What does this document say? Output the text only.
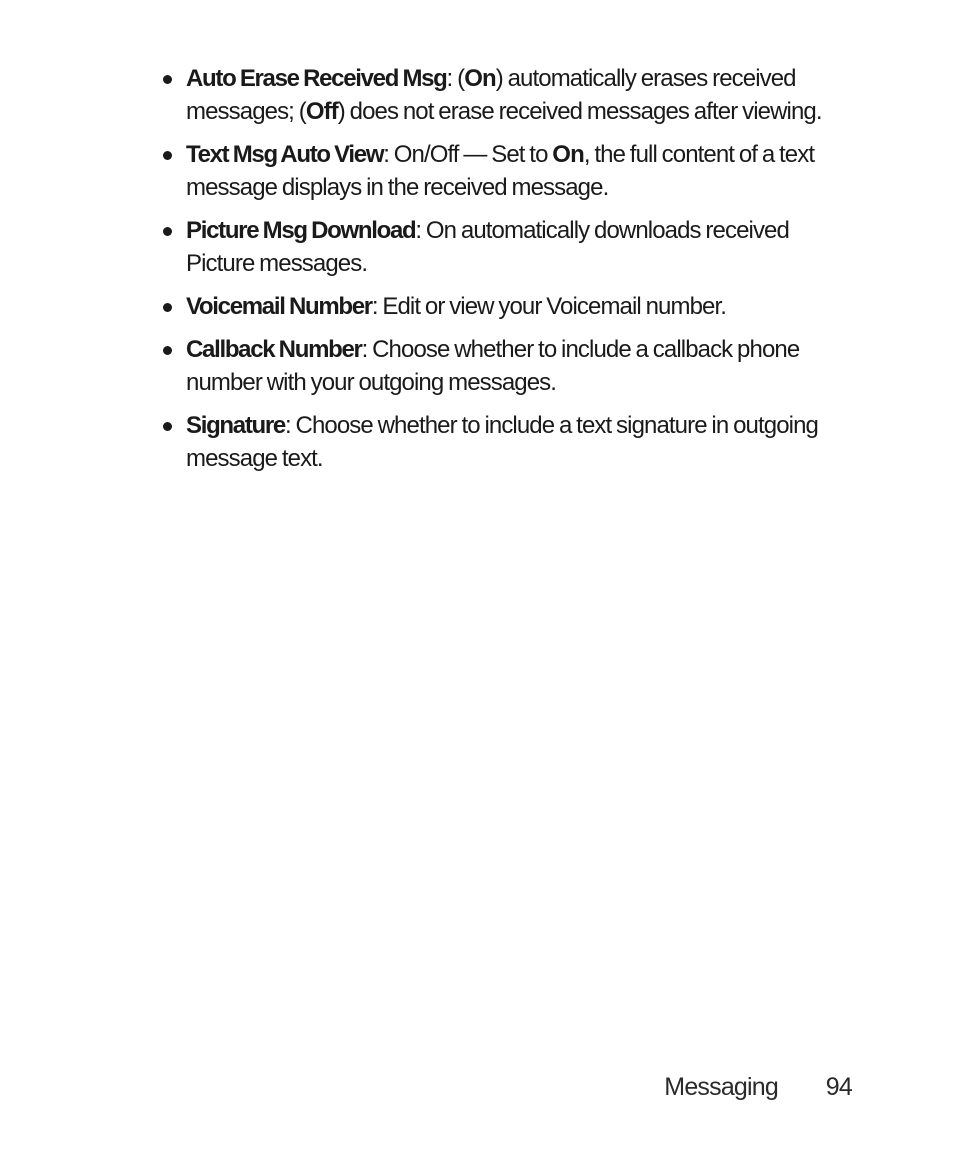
Auto Erase Received Msg: (On) automatically erases received messages; (Off) does not erase received messages after viewing.
Text Msg Auto View: On/Off — Set to On, the full content of a text message displays in the received message.
Picture Msg Download: On automatically downloads received Picture messages.
Voicemail Number: Edit or view your Voicemail number.
Callback Number: Choose whether to include a callback phone number with your outgoing messages.
Signature: Choose whether to include a text signature in outgoing message text.
Messaging 94
